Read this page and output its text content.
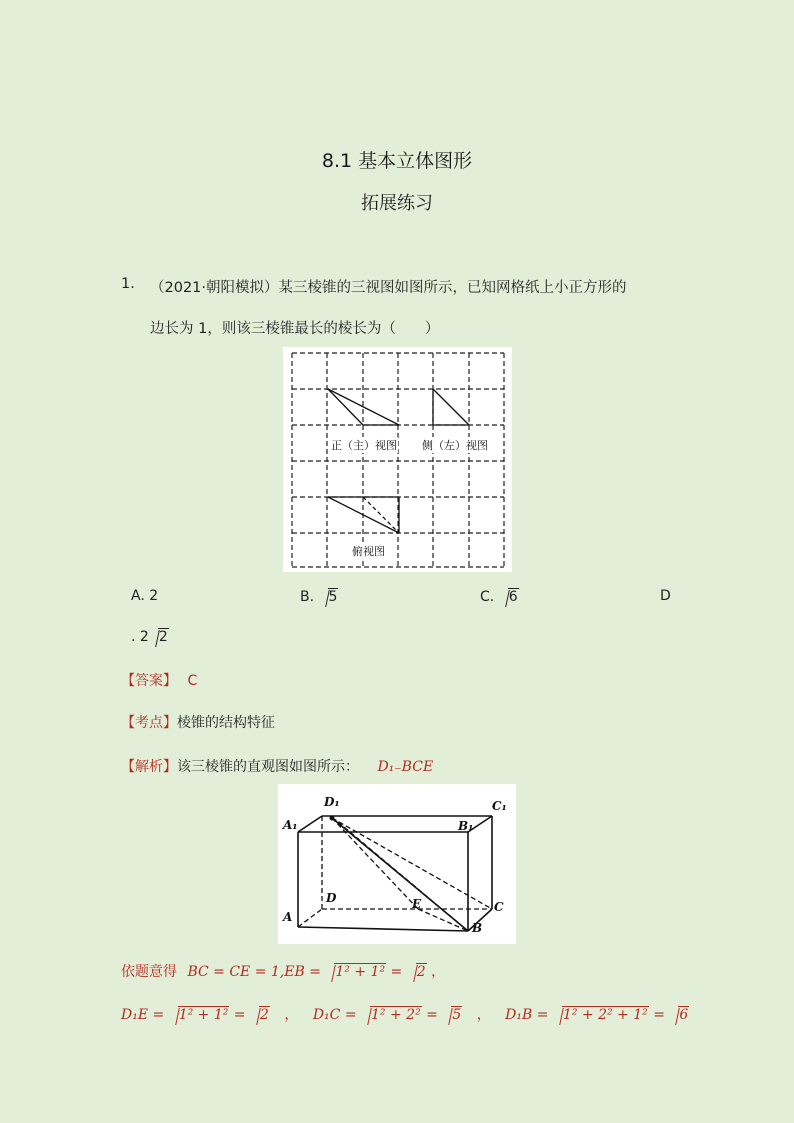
8.1 基本立体图形
拓展练习
1. （2021·朝阳模拟）某三棱锥的三视图如图所示，已知网格纸上小正方形的
边长为 1，则该三棱锥最长的棱长为（　　）
正（主）视图 侧（左）视图
俯视图
A. 2	B. 5	C. 6	D
. 2 2
【答案】 C
【考点】棱锥的结构特征
【解析】该三棱锥的直观图如图所示： D₁₋BCE
D₁	C₁
A₁	B₁
D	E	C
A
B
依题意得 BC = CE = 1,EB = 1² + 1² = 2 ，
D₁E = 1² + 1² = 2 ， D₁C = 1² + 2² = 5 ， D₁B = 1² + 2² + 1² = 6
